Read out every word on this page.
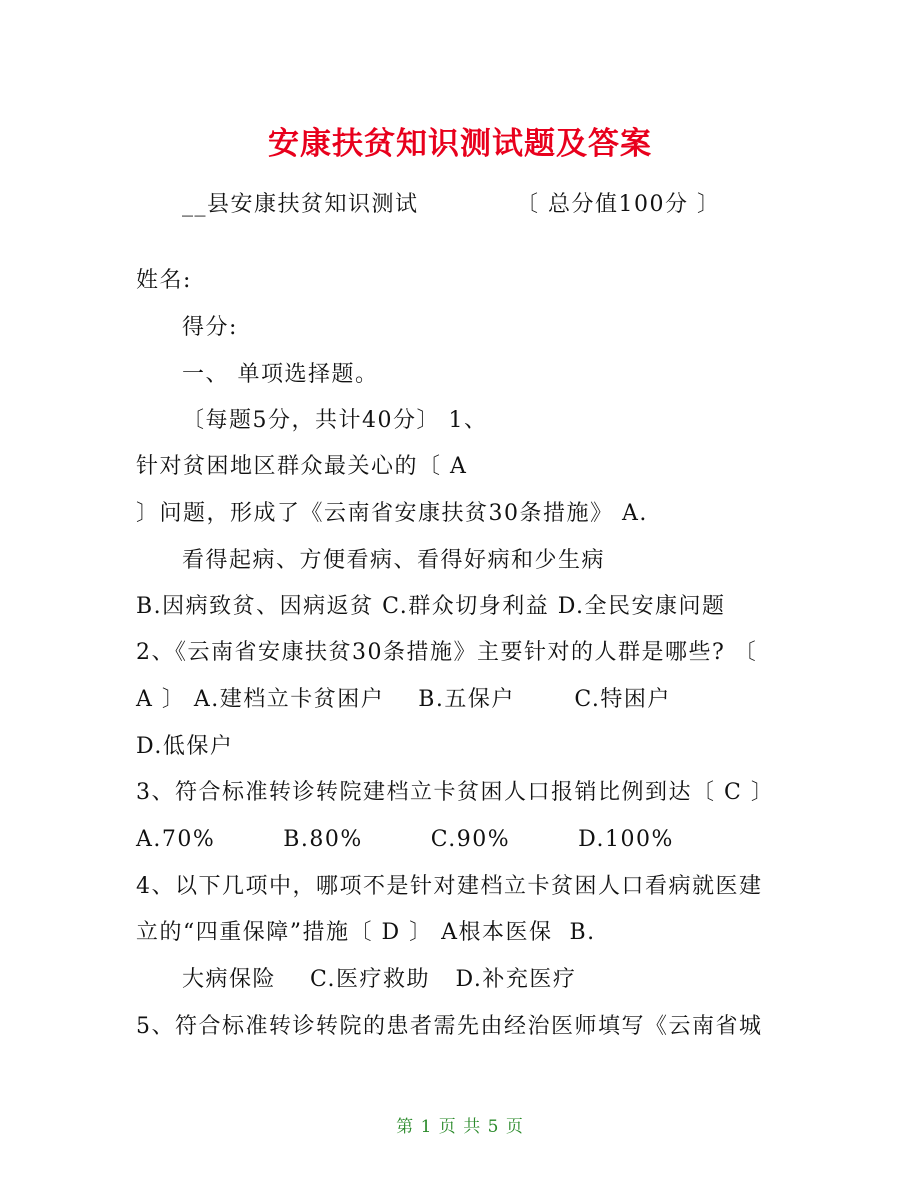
安康扶贫知识测试题及答案
__县安康扶贫知识测试	〔 总分值100分 〕
姓名:
得分:
一、 单项选择题。
〔每题5分，共计40分〕 1、
针对贫困地区群众最关心的〔 A
〕问题，形成了《云南省安康扶贫30条措施》 A.
看得起病、方便看病、看得好病和少生病
B.因病致贫、因病返贫 C.群众切身利益 D.全民安康问题
2、《云南省安康扶贫30条措施》主要针对的人群是哪些? 〔
A 〕 A.建档立卡贫困户    B.五保户       C.特困户
D.低保户
3、符合标准转诊转院建档立卡贫困人口报销比例到达〔 C 〕
A.70%        B.80%        C.90%        D.100%
4、以下几项中，哪项不是针对建档立卡贫困人口看病就医建
立的“四重保障”措施〔 D 〕 A根本医保  B.
大病保险    C.医疗救助   D.补充医疗
5、符合标准转诊转院的患者需先由经治医师填写《云南省城
第 1 页 共 5 页
